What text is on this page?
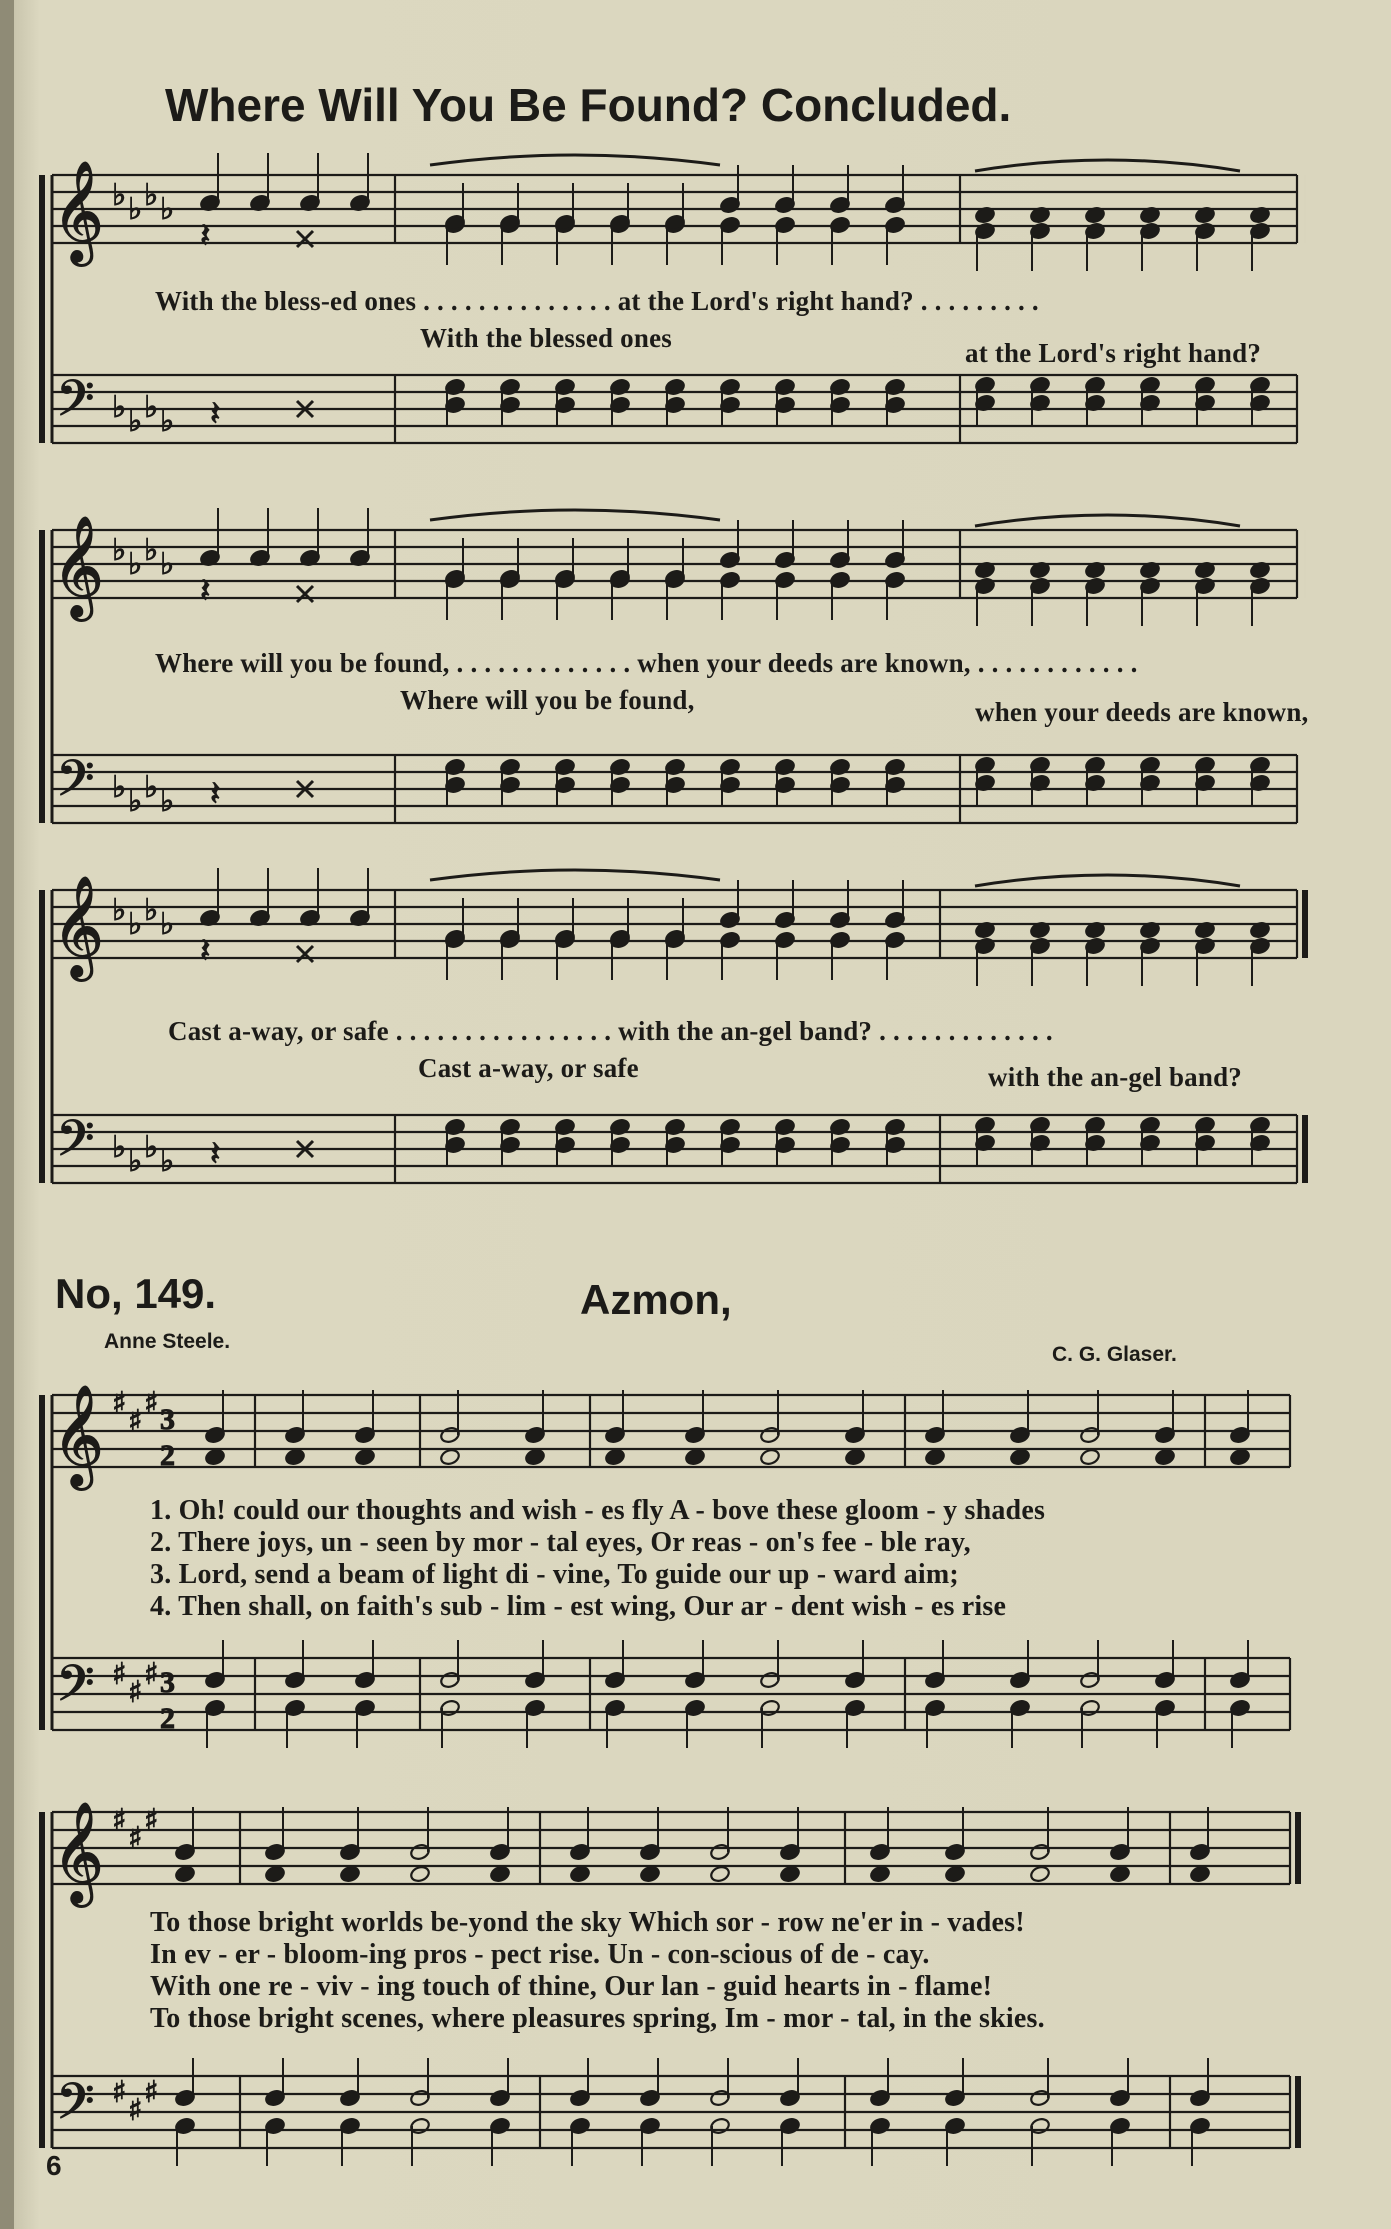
𝄞
𝄢
♭ ♭ ♭ ♭
♭ ♭ ♭ ♭
𝄽
𝄽
𝄞
𝄢
♭ ♭ ♭ ♭
♭ ♭ ♭ ♭
𝄽
𝄽
𝄞
𝄢
♭ ♭ ♭ ♭
♭ ♭ ♭ ♭
𝄽
𝄽
𝄞
𝄢
♯
♯
♯
♯
♯
♯
3
2
3
2
𝄞
𝄢
♯
♯
♯
♯
♯
♯
Where Will You Be Found? Concluded.
With the bless-ed ones . . . . . . . . . . . . . . at the Lord's right hand? . . . . . . . . .
With the blessed ones	at the Lord's right hand?
Where will you be found, . . . . . . . . . . . . . when your deeds are known, . . . . . . . . . . . .
Where will you be found,	when your deeds are known,
Cast a-way, or safe . . . . . . . . . . . . . . . . with the an-gel band? . . . . . . . . . . . . .
Cast a-way, or safe	with the an-gel band?
No, 149.	Azmon,
Anne Steele.
C. G. Glaser.
1. Oh! could our thoughts and wish - es fly A - bove these gloom - y shades
2. There joys, un - seen by mor - tal eyes, Or reas - on's fee - ble ray,
3. Lord, send a beam of light di - vine, To guide our up - ward aim;
4. Then shall, on faith's sub - lim - est wing, Our ar - dent wish - es rise
To those bright worlds be-yond the sky Which sor - row ne'er in - vades!
In ev - er - bloom-ing pros - pect rise. Un - con-scious of de - cay.
With one re - viv - ing touch of thine, Our lan - guid hearts in - flame!
To those bright scenes, where pleasures spring, Im - mor - tal, in the skies.
6
